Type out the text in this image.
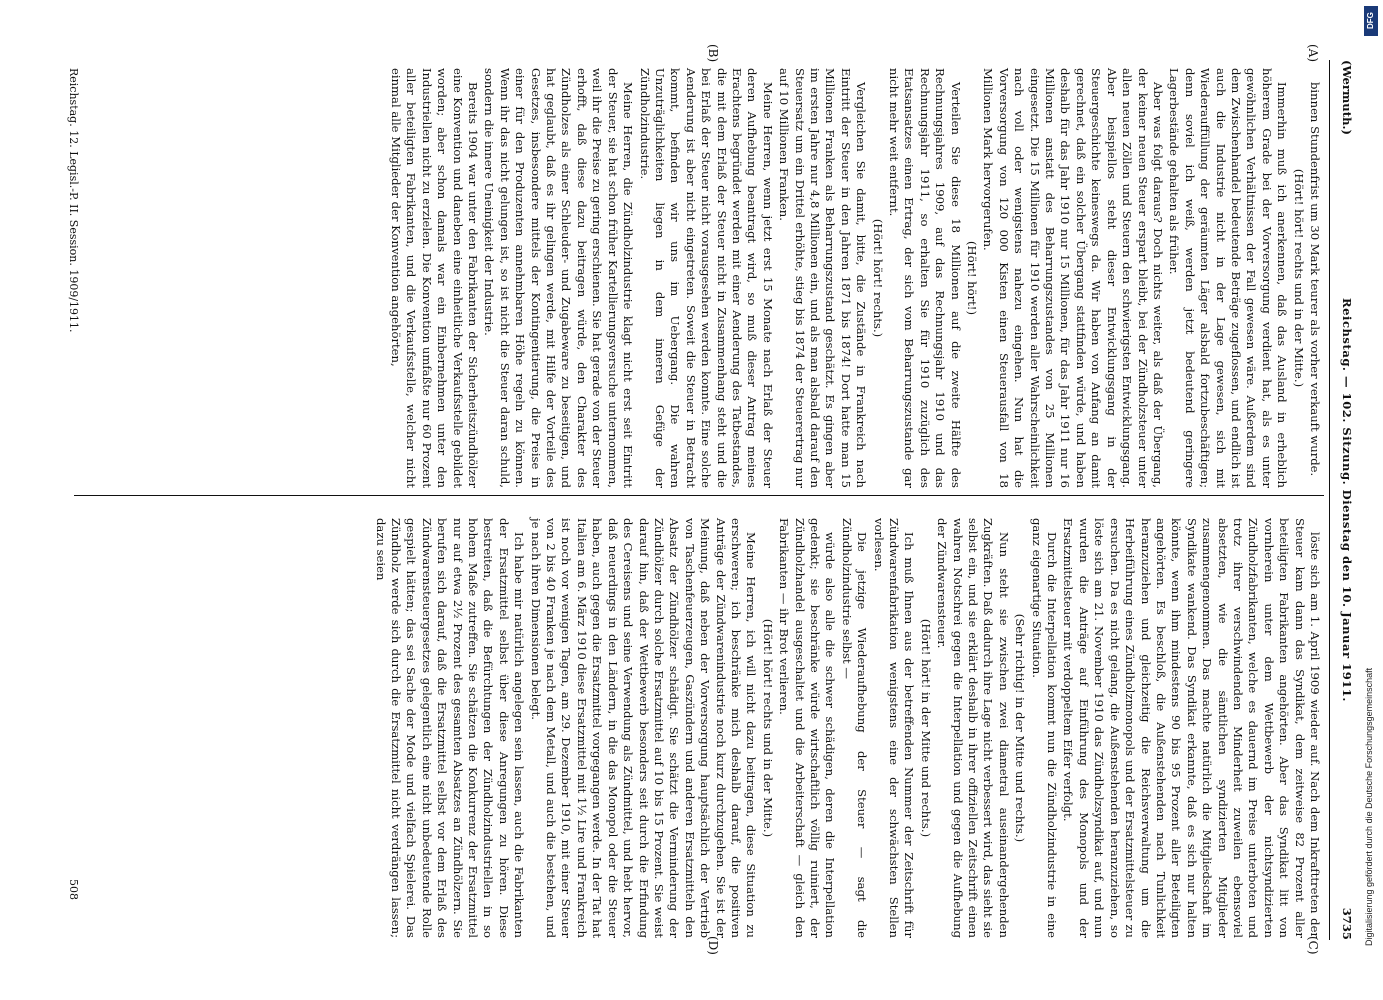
(Wermuth.)
Reichstag. — 102. Sitzung. Dienstag den 10. Januar 1911.
3735
(A)
(B)
(C)
(D)

binnen Stundenfrist um 30 Mark teurer als vorher verkauft wurde.

(Hört! hört! rechts und in der Mitte.)

Immerhin muß ich anerkennen, daß das Ausland in erheblich höherem Grade bei der Vorversorgung verdient hat, als es unter gewöhnlichen Verhältnissen der Fall gewesen wäre. Außerdem sind dem Zwischenhandel bedeutende Beträge zugeflossen, und endlich ist auch die Industrie nicht in der Lage gewesen, sich mit Wiederauffüllung der geräumten Läger alsbald fortzubeschäftigen; denn soviel ich weiß, werden jetzt bedeutend geringere Lagerbestände gehalten als früher.

Aber was folgt daraus? Doch nichts weiter, als daß der Übergang, der keiner neuen Steuer erspart bleibt, bei der Zündholzsteuer unter allen neuen Zöllen und Steuern den schwierigsten Entwicklungsgang. Aber beispiellos steht dieser Entwicklungsgang in der Steuergeschichte keineswegs da. Wir haben von Anfang an damit gerechnet, daß ein solcher Übergang stattfinden würde, und haben deshalb für das Jahr 1910 nur 15 Millionen, für das Jahr 1911 nur 16 Millionen anstatt des Beharrungszustandes von 25 Millionen eingesetzt. Die 15 Millionen für 1910 werden aller Wahrscheinlichkeit nach voll oder wenigstens nahezu eingehen. Nun hat die Vorversorgung von 120 000 Kisten einen Steuerausfall von 18 Millionen Mark hervorgerufen.

(Hört! hört!)

Verteilen Sie diese 18 Millionen auf die zweite Hälfte des Rechnungsjahres 1909, auf das Rechnungsjahr 1910 und das Rechnungsjahr 1911, so erhalten Sie für 1910 zuzüglich des Etatsansatzes einen Ertrag, der sich vom Beharrungszustande gar nicht mehr weit entfernt.

(Hört! hört! rechts.)

Vergleichen Sie damit, bitte, die Zustände in Frankreich nach Eintritt der Steuer in den Jahren 1871 bis 1874! Dort hatte man 15 Millionen Franken als Beharrungszustand geschätzt. Es gingen aber im ersten Jahre nur 4,8 Millionen ein, und als man alsbald darauf den Steuersatz um ein Drittel erhöhte, stieg bis 1874 der Steuerertrag nur auf 10 Millionen Franken.

Meine Herren, wenn jetzt erst 15 Monate nach Erlaß der Steuer deren Aufhebung beantragt wird, so muß dieser Antrag meines Erachtens begründet werden mit einer Aenderung des Tatbestandes, die mit dem Erlaß der Steuer nicht in Zusammenhang steht und die bei Erlaß der Steuer nicht vorausgesehen werden konnte. Eine solche Aenderung ist aber nicht eingetreten. Soweit die Steuer in Betracht kommt, befinden wir uns im Uebergang. Die wahren Unzuträglichkeiten liegen in dem inneren Gefüge der Zündholzindustrie.

Meine Herren, die Zündholzindustrie klagt nicht erst seit Eintritt der Steuer, sie hat schon früher Kartellierungsversuche unternommen, weil ihr die Preise zu gering erschienen. Sie hat gerade von der Steuer erhofft, daß diese dazu beitragen würde, den Charakter des Zündholzes als einer Schleuder- und Zugabeware zu beseitigen, und hat geglaubt, daß es ihr gelingen werde, mit Hilfe der Vorteile des Gesetzes, insbesondere mittels der Kontingentierung, die Preise in einer für den Produzenten annehmbaren Höhe regeln zu können. Wenn ihr das nicht gelungen ist, so ist nicht die Steuer daran schuld, sondern die innere Uneinigkeit der Industrie.

Bereits 1904 war unter den Fabrikanten der Sicherheitszündhölzer eine Konvention und daneben eine einheitliche Verkaufsstelle gebildet worden; aber schon damals war ein Einbernehmen unter den Industriellen nicht zu erzielen. Die Konvention umfaßte nur 60 Prozent aller beteiligten Fabrikanten, und die Verkaufsstelle, welcher nicht einmal alle Mitglieder der Konvention angehörten,

löste sich am 1. April 1909 wieder auf. Nach dem Inkrafttreten der Steuer kam dann das Syndikat, dem zeitweise 82 Prozent aller beteiligten Fabrikanten angehörten. Aber das Syndikat litt von vornherein unter dem Wettbewerb der nichtsyndizierten Zündholzfabrikanten, welche es dauernd im Preise unterboten und trotz ihrer verschwindenden Minderheit zuweilen ebensoviel absetzten, wie die sämtlichen syndizierten Mitglieder zusammengenommen. Das machte natürlich die Mitgliedschaft im Syndikate wankend. Das Syndikat erkannte, daß es sich nur halten könnte, wenn ihm mindestens 90 bis 95 Prozent aller Beteiligten angehörten. Es beschloß, die Außenstehenden nach Tunlichkeit heranzuziehen und gleichzeitig die Reichsverwaltung um die Herbeiführung eines Zündholzmonopols und der Ersatzmittelsteuer zu ersuchen. Da es nicht gelang, die Außenstehenden heranzuziehen, so löste sich am 21. November 1910 das Zündholzsyndikat auf, und nun wurden die Anträge auf Einführung des Monopols und der Ersatzmittelsteuer mit verdoppeltem Eifer verfolgt.

Durch die Interpellation kommt nun die Zündholzindustrie in eine ganz eigenartige Situation.

(Sehr richtig! in der Mitte und rechts.)

Nun steht sie zwischen zwei diametral auseinandergehenden Zugkräften. Daß dadurch ihre Lage nicht verbessert wird, das sieht sie selbst ein, und sie erklärt deshalb in ihrer offiziellen Zeitschrift einen wahren Notschrei gegen die Interpellation und gegen die Aufhebung der Zündwarensteuer.

(Hört! hört! in der Mitte und rechts.)

Ich muß Ihnen aus der betreffenden Nummer der Zeitschrift für Zündwarenfabrikation wenigstens eine der schwächsten Stellen vorlesen.

Die jetzige Wiederaufhebung der Steuer — sagt die Zündholzindustrie selbst —

würde also alle die schwer schädigen, deren die Interpellation gedenkt; sie beschränke würde wirtschaftlich völlig ruiniert, der Zündholzhandel ausgeschaltet und die Arbeiterschaft — gleich den Fabrikanten — ihr Brot verlieren.

(Hört! hört! rechts und in der Mitte.)

Meine Herren, ich will nicht dazu beitragen, diese Situation zu erschweren; ich beschränke mich deshalb darauf, die positiven Anträge der Zündwarenindustrie noch kurz durchzugehen. Sie ist der Meinung, daß neben der Vorversorgung hauptsächlich der Vertrieb von Taschenfeuerzeugen, Gaszündern und anderen Ersatzmitteln den Absatz der Zündhölzer schädigt. Sie schätzt die Verminderung der Zündhölzer durch solche Ersatzmittel auf 10 bis 15 Prozent. Sie weist darauf hin, daß der Wettbewerb besonders seit durch die Erfindung des Cereisens und seine Verwendung als Zündmittel, und hebt hervor, daß neuerdings in den Ländern, in die das Monopol oder die Steuer haben, auch gegen die Ersatzmittel vorgegangen werde. In der Tat hat Italien am 6. März 1910 diese Ersatzmittel mit 1½ Lire und Frankreich ist noch vor wenigen Tagen, am 29. Dezember 1910, mit einer Steuer von 2 bis 40 Franken je nach dem Metall, und auch die bestehen, und je nach ihren Dimensionen belegt.

Ich habe mir natürlich angelegen sein lassen, auch die Fabrikanten der Ersatzmittel selbst über diese Anregungen zu hören. Diese bestreiten, daß die Befürchtungen der Zündholzindustriellen in so hohem Maße zutreffen. Sie schätzen die Konkurrenz der Ersatzmittel nur auf etwa 2½ Prozent des gesamten Absatzes an Zündhölzern. Sie berufen sich darauf, daß die Ersatzmittel selbst vor dem Erlaß des Zündwarensteuergesetzes gelegentlich eine nicht unbedeutende Rolle gespielt hätten; das sei Sache der Mode und vielfach Spielerei. Das Zündholz werde sich durch die Ersatzmittel nicht verdrängen lassen; dazu seien

Reichstag. 12. Legisl.-P. II. Session. 1909/1911.
508
DFG
Digitalisierung gefördert durch die Deutsche Forschungsgemeinschaft
